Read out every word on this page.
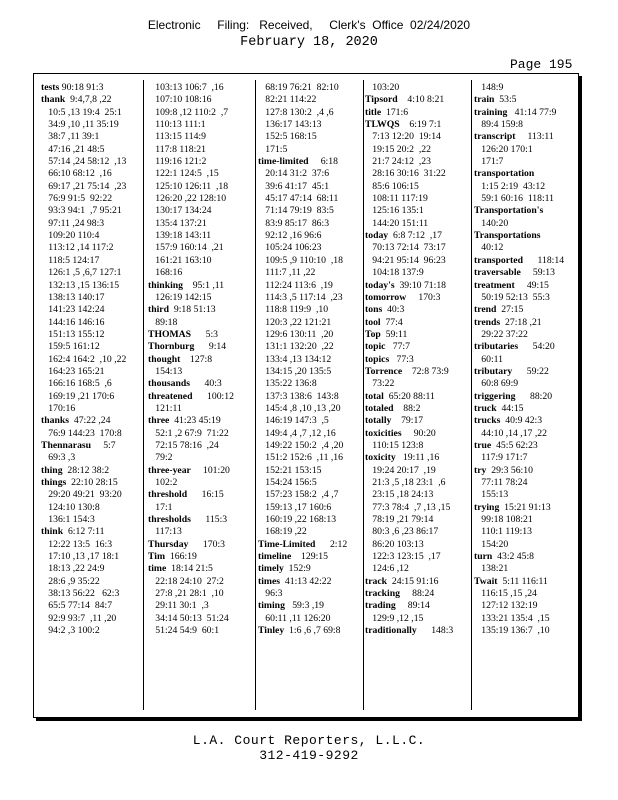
Electronic     Filing:   Received,     Clerk's  Office  02/24/2020
February 18, 2020
Page 195
tests 90:18 91:3
thank  9:4,7,8 ,22
10:5 ,13 19:4  25:1
34:9 ,10 ,11 35:19
38:7 ,11 39:1
47:16 ,21 48:5
57:14 ,24 58:12  ,13
66:10 68:12  ,16
69:17 ,21 75:14  ,23
76:9 91:5  92:22
93:3 94:1  ,7 95:21
97:11 ,24 98:3
109:20 110:4
113:12 ,14 117:2
118:5 124:17
126:1 ,5 ,6,7 127:1
132:13 ,15 136:15
138:13 140:17
141:23 142:24
144:16 146:16
151:13 155:12
159:5 161:12
162:4 164:2  ,10 ,22
164:23 165:21
166:16 168:5  ,6
169:19 ,21 170:6
170:16
thanks  47:22 ,24
76:9 144:23  170:8
Thennarasu     5:7
69:3 ,3
thing  28:12 38:2
things  22:10 28:15
29:20 49:21  93:20
124:10 130:8
136:1 154:3
think  6:12 7:11
12:22 13:5  16:3
17:10 ,13 ,17 18:1
18:13 ,22 24:9
28:6 ,9 35:22
38:13 56:22   62:3
65:5 77:14  84:7
92:9 93:7  ,11 ,20
94:2 ,3 100:2
103:13 106:7  ,16
107:10 108:16
109:8 ,12 110:2  ,7
110:13 111:1
113:15 114:9
117:8 118:21
119:16 121:2
122:1 124:5  ,15
125:10 126:11  ,18
126:20 ,22 128:10
130:17 134:24
135:4 137:21
139:18 143:11
157:9 160:14  ,21
161:21 163:10
168:16
thinking    95:1 ,11
126:19 142:15
third  9:18 51:13
89:18
THOMAS      5:3
Thornburg      9:14
thought    127:8
154:13
thousands      40:3
threatened      100:12
121:11
three  41:23 45:19
52:1 ,2 67:9  71:22
72:15 78:16  ,24
79:2
three-year     101:20
102:2
threshold      16:15
17:1
thresholds      115:3
117:13
Thursday      170:3
Tim  166:19
time  18:14 21:5
22:18 24:10  27:2
27:8 ,21 28:1  ,10
29:11 30:1  ,3
34:14 50:13  51:24
51:24 54:9  60:1
68:19 76:21  82:10
82:21 114:22
127:8 130:2  ,4 ,6
136:17 143:13
152:5 168:15
171:5
time-limited     6:18
20:14 31:2  37:6
39:6 41:17  45:1
45:17 47:14  68:11
71:14 79:19  83:5
83:9 85:17  86:3
92:12 ,16 96:6
105:24 106:23
109:5 ,9 110:10  ,18
111:7 ,11 ,22
112:24 113:6  ,19
114:3 ,5 117:14  ,23
118:8 119:9  ,10
120:3 ,22 121:21
129:6 130:11  ,20
131:1 132:20  ,22
133:4 ,13 134:12
134:15 ,20 135:5
135:22 136:8
137:3 138:6  143:8
145:4 ,8 ,10 ,13 ,20
146:19 147:3  ,5
149:4 ,4 ,7 ,12 ,16
149:22 150:2  ,4 ,20
151:2 152:6  ,11 ,16
152:21 153:15
154:24 156:5
157:23 158:2  ,4 ,7
159:13 ,17 160:6
160:19 ,22 168:13
168:19 ,22
Time-Limited      2:12
timeline    129:15
timely  152:9
times  41:13 42:22
96:3
timing   59:3 ,19
60:11 ,11 126:20
Tinley  1:6 ,6 ,7 69:8
103:20
Tipsord    4:10 8:21
title  171:6
TLWQS    6:19 7:1
7:13 12:20  19:14
19:15 20:2  ,22
21:7 24:12  ,23
28:16 30:16  31:22
85:6 106:15
108:11 117:19
125:16 135:1
144:20 151:11
today  6:8 7:12  ,17
70:13 72:14  73:17
94:21 95:14  96:23
104:18 137:9
today's  39:10 71:18
tomorrow     170:3
tons  40:3
tool  77:4
Top  59:11
topic   77:7
topics   77:3
Torrence    72:8 73:9
73:22
total  65:20 88:11
totaled    88:2
totally    79:17
toxicities     90:20
110:15 123:8
toxicity   19:11 ,16
19:24 20:17  ,19
21:3 ,5 ,18 23:1  ,6
23:15 ,18 24:13
77:3 78:4  ,7 ,13 ,15
78:19 ,21 79:14
80:3 ,6 ,23 86:17
86:20 103:13
122:3 123:15  ,17
124:6 ,12
track  24:15 91:16
tracking     88:24
trading     89:14
129:9 ,12 ,15
traditionally      148:3
148:9
train  53:5
training   41:14 77:9
89:4 159:8
transcript     113:11
126:20 170:1
171:7
transportation
1:15 2:19  43:12
59:1 60:16  118:11
Transportation's
140:20
Transportations
40:12
transported      118:14
traversable     59:13
treatment     49:15
50:19 52:13  55:3
trend  27:15
trends  27:18 ,21
29:22 37:22
tributaries      54:20
60:11
tributary      59:22
60:8 69:9
triggering      88:20
truck  44:15
trucks  40:9 42:3
44:10 ,14 ,17 ,22
true  45:5 62:23
117:9 171:7
try  29:3 56:10
77:11 78:24
155:13
trying  15:21 91:13
99:18 108:21
110:1 119:13
154:20
turn  43:2 45:8
138:21
Twait  5:11 116:11
116:15 ,15 ,24
127:12 132:19
133:21 135:4  ,15
135:19 136:7  ,10
L.A. Court Reporters, L.L.C.
312-419-9292
